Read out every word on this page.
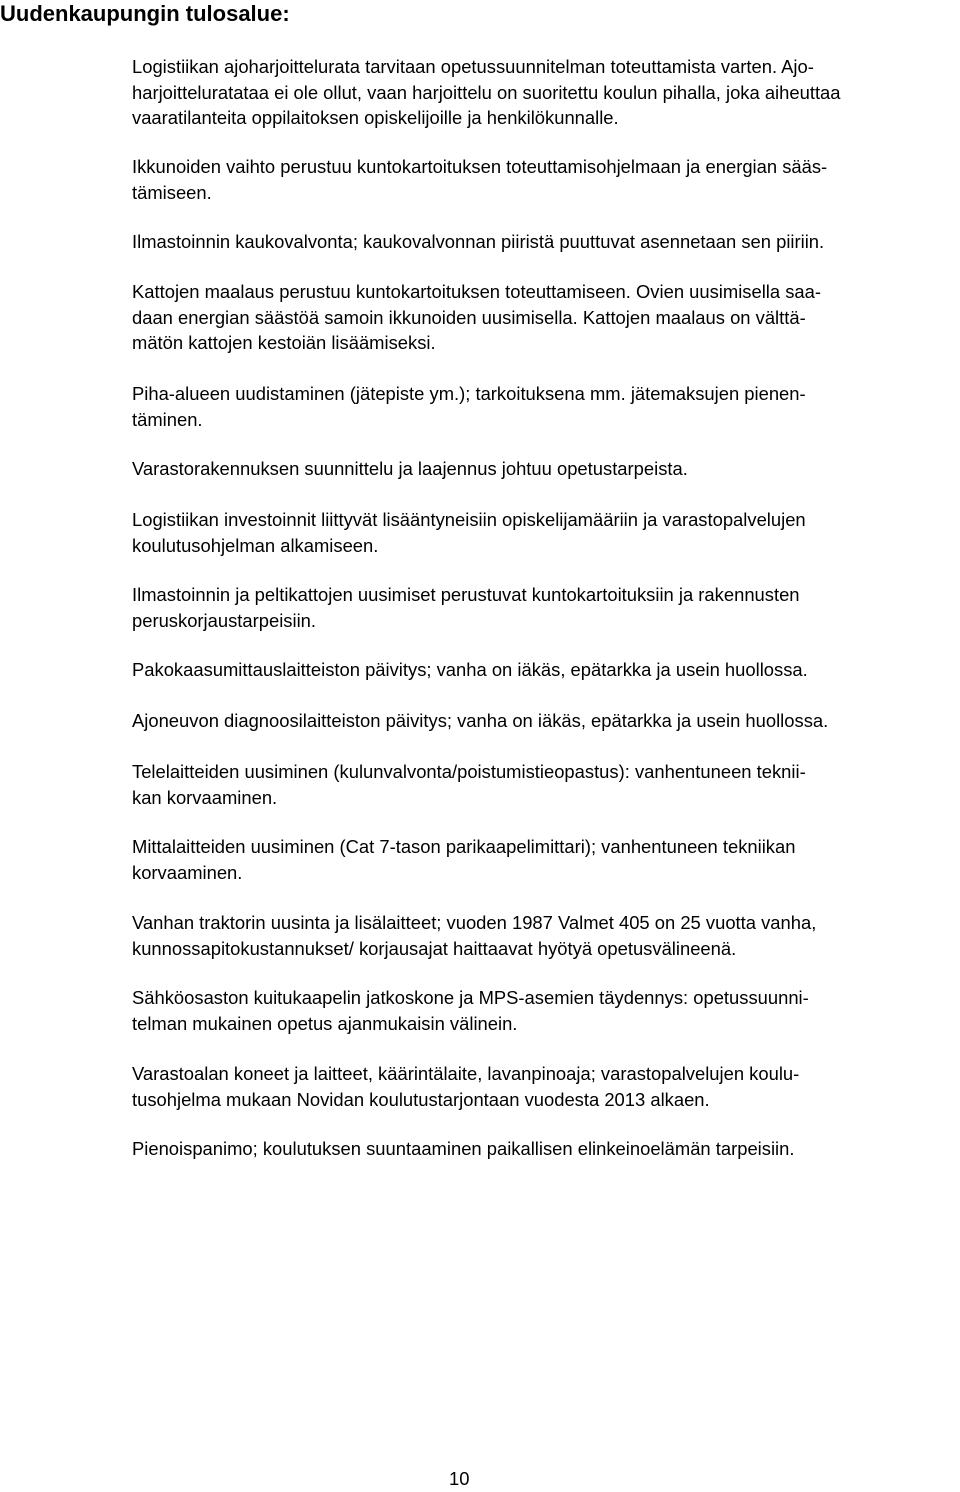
Uudenkaupungin tulosalue:
Logistiikan ajoharjoittelurata tarvitaan opetussuunnitelman toteuttamista varten. Ajo-
harjoitteluratataa ei ole ollut, vaan harjoittelu on suoritettu koulun pihalla, joka aiheuttaa
vaaratilanteita oppilaitoksen opiskelijoille ja henkilökunnalle.
Ikkunoiden vaihto perustuu kuntokartoituksen toteuttamisohjelmaan ja energian sääs-
tämiseen.
Ilmastoinnin kaukovalvonta; kaukovalvonnan piiristä puuttuvat asennetaan sen piiriin.
Kattojen maalaus perustuu kuntokartoituksen toteuttamiseen. Ovien uusimisella saa-
daan energian säästöä samoin ikkunoiden uusimisella. Kattojen maalaus on välttä-
mätön kattojen kestoiän lisäämiseksi.
Piha-alueen uudistaminen (jätepiste ym.); tarkoituksena mm. jätemaksujen pienen-
täminen.
Varastorakennuksen suunnittelu ja laajennus johtuu opetustarpeista.
Logistiikan investoinnit liittyvät lisääntyneisiin opiskelijamääriin ja varastopalvelujen
koulutusohjelman alkamiseen.
Ilmastoinnin ja peltikattojen uusimiset perustuvat kuntokartoituksiin ja rakennusten
peruskorjaustarpeisiin.
Pakokaasumittauslaitteiston päivitys; vanha on iäkäs, epätarkka ja usein huollossa.
Ajoneuvon diagnoosilaitteiston päivitys; vanha on iäkäs, epätarkka ja usein huollossa.
Telelaitteiden uusiminen (kulunvalvonta/poistumistieopastus): vanhentuneen teknii-
kan korvaaminen.
Mittalaitteiden uusiminen (Cat 7-tason parikaapelimittari); vanhentuneen tekniikan
korvaaminen.
Vanhan traktorin uusinta ja lisälaitteet; vuoden 1987 Valmet 405 on 25 vuotta vanha,
kunnossapitokustannukset/ korjausajat haittaavat hyötyä opetusvälineenä.
Sähköosaston kuitukaapelin jatkoskone ja MPS-asemien täydennys: opetussuunni-
telman mukainen opetus ajanmukaisin välinein.
Varastoalan koneet ja laitteet, käärintälaite, lavanpinoaja; varastopalvelujen koulu-
tusohjelma mukaan Novidan koulutustarjontaan vuodesta 2013 alkaen.
Pienoispanimo; koulutuksen suuntaaminen paikallisen elinkeinoelämän tarpeisiin.
10
